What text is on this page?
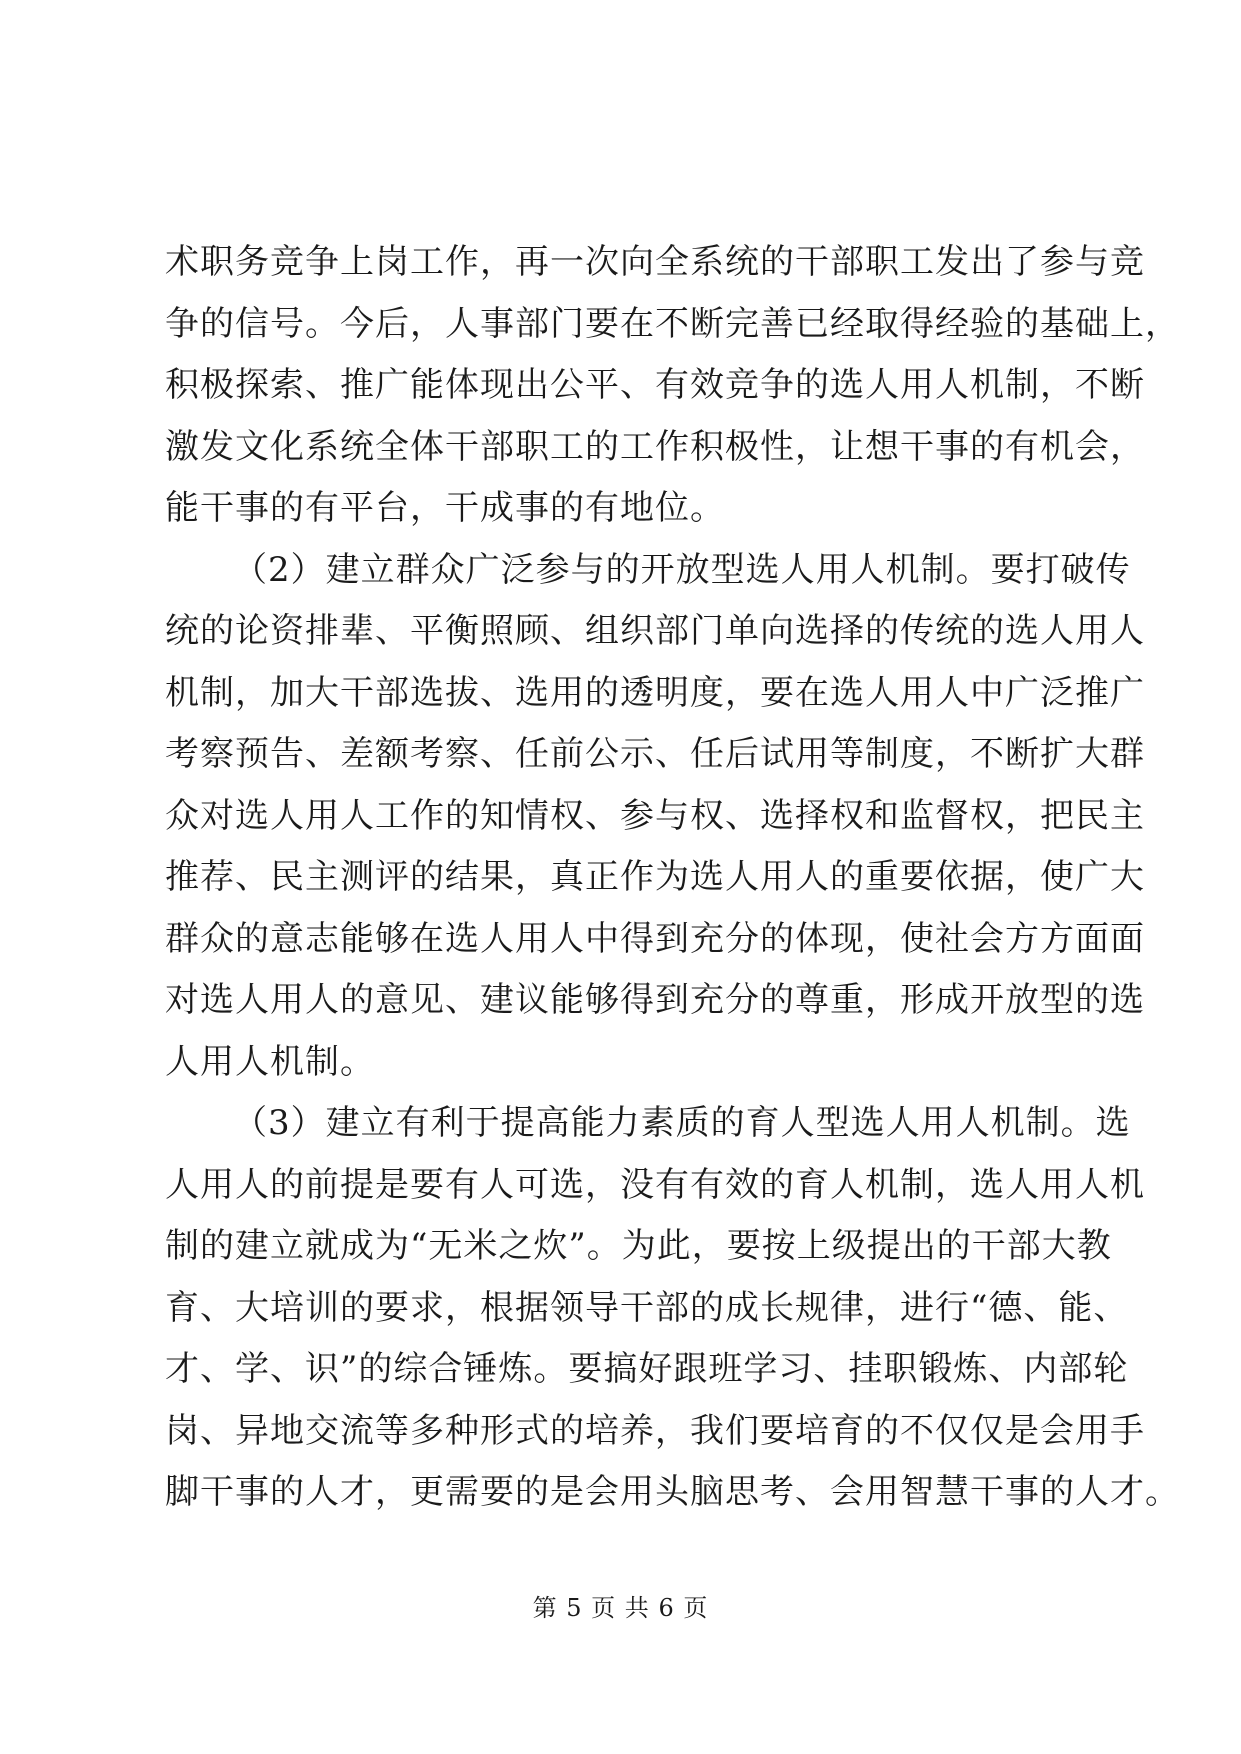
术职务竞争上岗工作，再一次向全系统的干部职工发出了参与竞
争的信号。今后，人事部门要在不断完善已经取得经验的基础上，
积极探索、推广能体现出公平、有效竞争的选人用人机制，不断
激发文化系统全体干部职工的工作积极性，让想干事的有机会，
能干事的有平台，干成事的有地位。
（2）建立群众广泛参与的开放型选人用人机制。要打破传
统的论资排辈、平衡照顾、组织部门单向选择的传统的选人用人
机制，加大干部选拔、选用的透明度，要在选人用人中广泛推广
考察预告、差额考察、任前公示、任后试用等制度，不断扩大群
众对选人用人工作的知情权、参与权、选择权和监督权，把民主
推荐、民主测评的结果，真正作为选人用人的重要依据，使广大
群众的意志能够在选人用人中得到充分的体现，使社会方方面面
对选人用人的意见、建议能够得到充分的尊重，形成开放型的选
人用人机制。
（3）建立有利于提高能力素质的育人型选人用人机制。选
人用人的前提是要有人可选，没有有效的育人机制，选人用人机
制的建立就成为“无米之炊”。为此，要按上级提出的干部大教
育、大培训的要求，根据领导干部的成长规律，进行“德、能、
才、学、识”的综合锤炼。要搞好跟班学习、挂职锻炼、内部轮
岗、异地交流等多种形式的培养，我们要培育的不仅仅是会用手
脚干事的人才，更需要的是会用头脑思考、会用智慧干事的人才。
第 5 页 共 6 页
